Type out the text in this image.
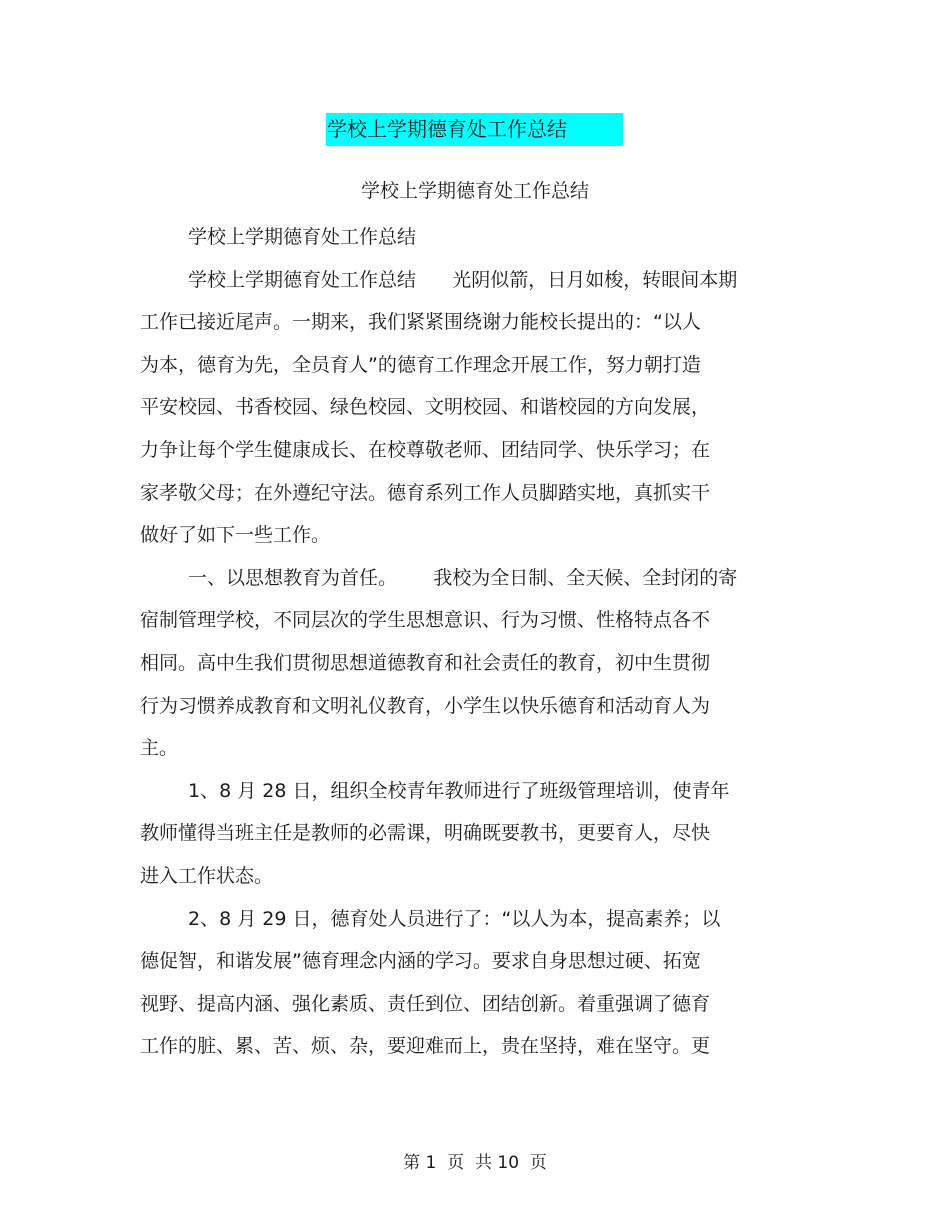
学校上学期德育处工作总结
学校上学期德育处工作总结
学校上学期德育处工作总结
学校上学期德育处工作总结      光阴似箭，日月如梭，转眼间本期
工作已接近尾声。一期来，我们紧紧围绕谢力能校长提出的：“以人
为本，德育为先，全员育人”的德育工作理念开展工作，努力朝打造
平安校园、书香校园、绿色校园、文明校园、和谐校园的方向发展，
力争让每个学生健康成长、在校尊敬老师、团结同学、快乐学习；在
家孝敬父母；在外遵纪守法。德育系列工作人员脚踏实地，真抓实干
做好了如下一些工作。
一、以思想教育为首任。      我校为全日制、全天候、全封闭的寄
宿制管理学校，不同层次的学生思想意识、行为习惯、性格特点各不
相同。高中生我们贯彻思想道德教育和社会责任的教育，初中生贯彻
行为习惯养成教育和文明礼仪教育，小学生以快乐德育和活动育人为
主。
1、8 月 28 日，组织全校青年教师进行了班级管理培训，使青年
教师懂得当班主任是教师的必需课，明确既要教书，更要育人，尽快
进入工作状态。
2、8 月 29 日，德育处人员进行了：“以人为本，提高素养；以
德促智，和谐发展”德育理念内涵的学习。要求自身思想过硬、拓宽
视野、提高内涵、强化素质、责任到位、团结创新。着重强调了德育
工作的脏、累、苦、烦、杂，要迎难而上，贵在坚持，难在坚守。更
第 1  页  共 10  页
